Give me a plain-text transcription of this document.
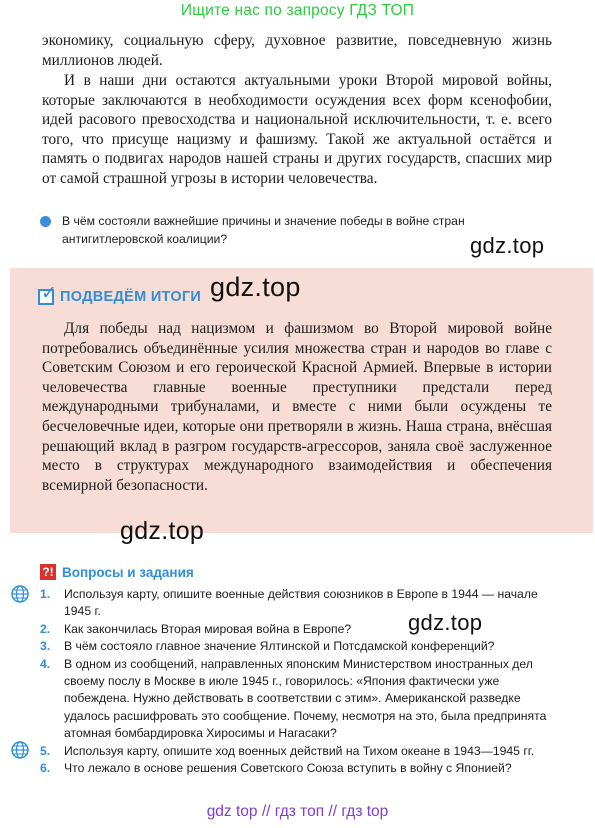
Ищите нас по запросу ГДЗ ТОП

экономику, социальную сферу, духовное развитие, повседневную жизнь миллионов людей.

И в наши дни остаются актуальными уроки Второй мировой войны, которые заключаются в необходимости осуждения всех форм ксенофобии, идей расового превосходства и национальной исключительности, т. е. всего того, что присуще нацизму и фашизму. Такой же актуальной остаётся и память о подвигах народов нашей страны и других государств, спасших мир от самой страшной угрозы в истории человечества.

В чём состояли важнейшие причины и значение победы в войне стран антигитлеровской коалиции?	gdz.top
✓ ПОДВЕДЁМ ИТОГИ gdz.top

Для победы над нацизмом и фашизмом во Второй мировой войне потребовались объединённые усилия множества стран и народов во главе с Советским Союзом и его героической Красной Армией. Впервые в истории человечества главные военные преступники предстали перед международными трибуналами, и вместе с ними были осуждены те бесчеловечные идеи, которые они претворяли в жизнь. Наша страна, внёсшая решающий вклад в разгром государств-агрессоров, заняла своё заслуженное место в структурах международного взаимодействия и обеспечения всемирной безопасности.

gdz.top
?! Вопросы и задания
1.	Используя карту, опишите военные действия союзников в Европе в 1944 — начале 1945 г.
2.	Как закончилась Вторая мировая война в Европе?
3.	В чём состояло главное значение Ялтинской и Потсдамской конференций?
4.	В одном из сообщений, направленных японским Министерством иностранных дел своему послу в Москве в июле 1945 г., говорилось: «Япония фактически уже побеждена. Нужно действовать в соответствии с этим». Американской разведке удалось расшифровать это сообщение. Почему, несмотря на это, была предпринята атомная бомбардировка Хиросимы и Нагасаки?
5.	Используя карту, опишите ход военных действий на Тихом океане в 1943—1945 гг.
6.	Что лежало в основе решения Советского Союза вступить в войну с Японией?
gdz.top
gdz top // гдз топ // гдз top
